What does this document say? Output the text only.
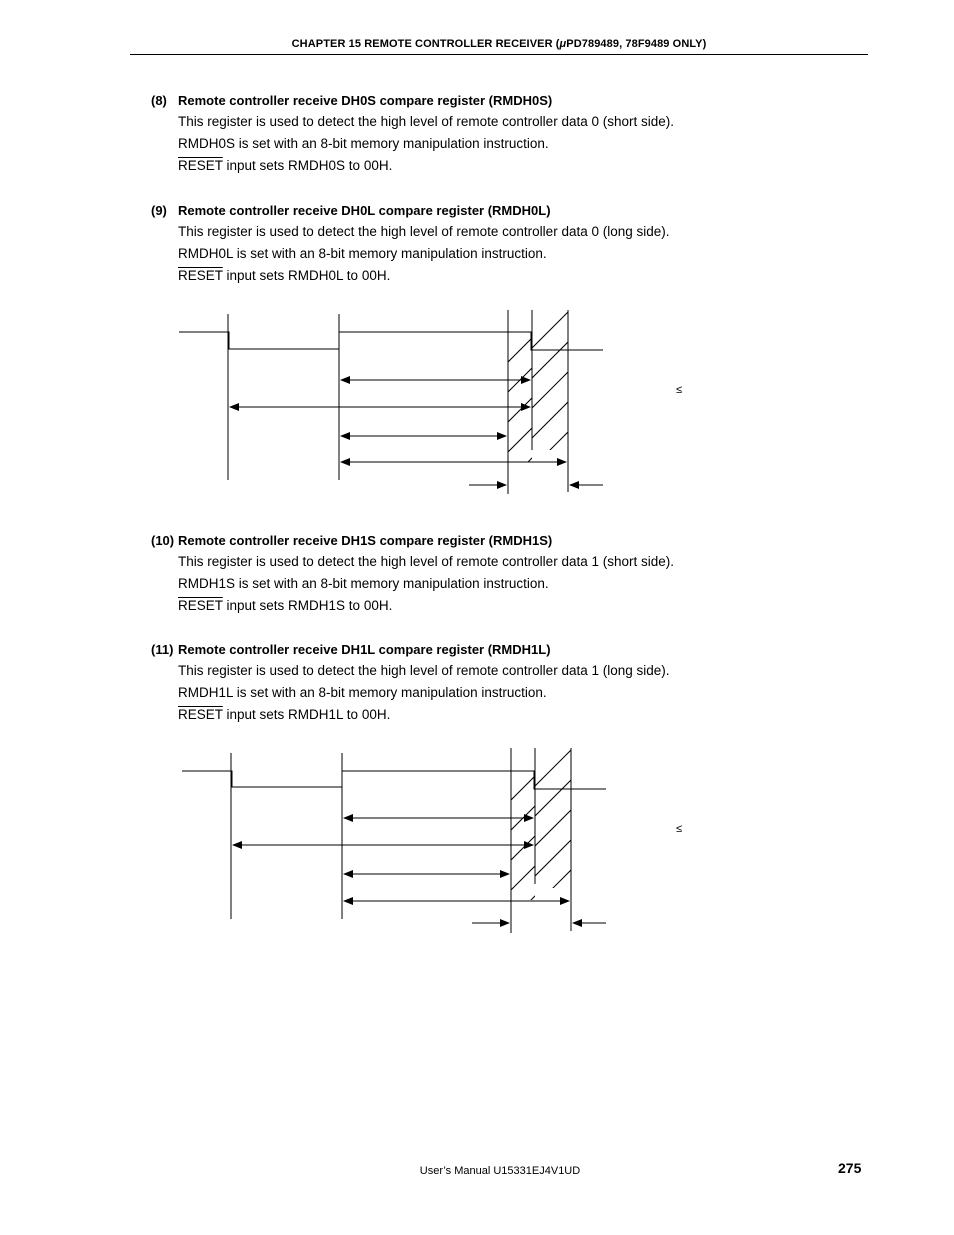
CHAPTER 15 REMOTE CONTROLLER RECEIVER (μPD789489, 78F9489 ONLY)
(8) Remote controller receive DH0S compare register (RMDH0S)
This register is used to detect the high level of remote controller data 0 (short side).
RMDH0S is set with an 8-bit memory manipulation instruction.
RESET input sets RMDH0S to 00H.
(9) Remote controller receive DH0L compare register (RMDH0L)
This register is used to detect the high level of remote controller data 0 (long side).
RMDH0L is set with an 8-bit memory manipulation instruction.
RESET input sets RMDH0L to 00H.
≤
(10) Remote controller receive DH1S compare register (RMDH1S)
This register is used to detect the high level of remote controller data 1 (short side).
RMDH1S is set with an 8-bit memory manipulation instruction.
RESET input sets RMDH1S to 00H.
(11) Remote controller receive DH1L compare register (RMDH1L)
This register is used to detect the high level of remote controller data 1 (long side).
RMDH1L is set with an 8-bit memory manipulation instruction.
RESET input sets RMDH1L to 00H.
≤
User’s Manual U15331EJ4V1UD	275
